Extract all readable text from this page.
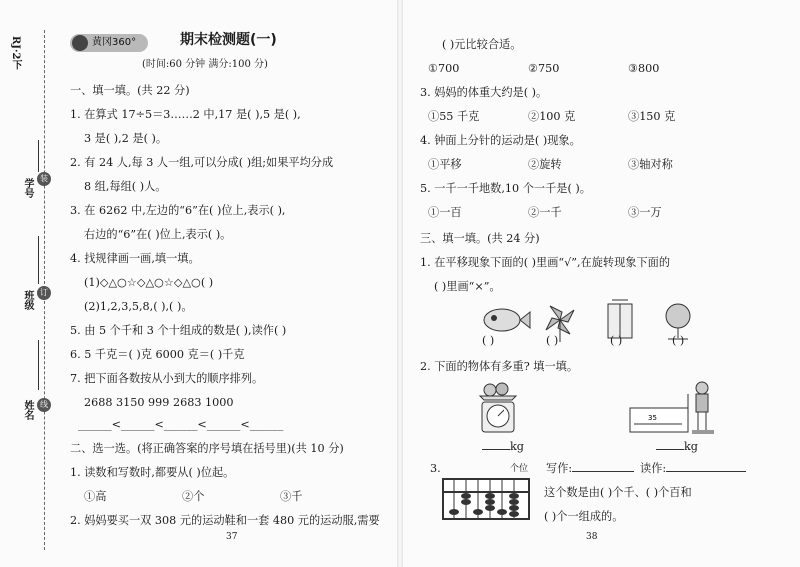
RJ·2下
学号 装
班级 订
姓名 线
黄冈360°	期末检测题(一)
(时间:60 分钟 满分:100 分)
一、填一填。(共 22 分)
1. 在算式 17÷5＝3……2 中,17 是( ),5 是( ),
3 是( ),2 是( )。
2. 有 24 人,每 3 人一组,可以分成( )组;如果平均分成
8 组,每组( )人。
3. 在 6262 中,左边的“6”在( )位上,表示( ),
右边的“6”在( )位上,表示( )。
4. 找规律画一画,填一填。
(1)◇△○☆◇△○☆◇△○( )
(2)1,2,3,5,8,( ),( )。
5. 由 5 个千和 3 个十组成的数是( ),读作( )
6. 5 千克＝( )克 6000 克＝( )千克
7. 把下面各数按从小到大的顺序排列。
2688 3150 999 2683 1000
______<______<______<______<______
二、选一选。(将正确答案的序号填在括号里)(共 10 分)
1. 读数和写数时,都要从( )位起。
①高	②个	③千
2. 妈妈要买一双 308 元的运动鞋和一套 480 元的运动服,需要
37
( )元比较合适。
①700	②750	③800
3. 妈妈的体重大约是( )。
①55 千克	②100 克	③150 克
4. 钟面上分针的运动是( )现象。
①平移	②旋转	③轴对称
5. 一千一千地数,10 个一千是( )。
①一百	②一千	③一万
三、填一填。(共 24 分)
1. 在平移现象下面的( )里画“√”,在旋转现象下面的
( )里画“×”。
( )	( )	( )	( )
2. 下面的物体有多重? 填一填。
kg
35
kg
3.	个位 写作:	读作:
这个数是由( )个千、( )个百和
( )个一组成的。
38
